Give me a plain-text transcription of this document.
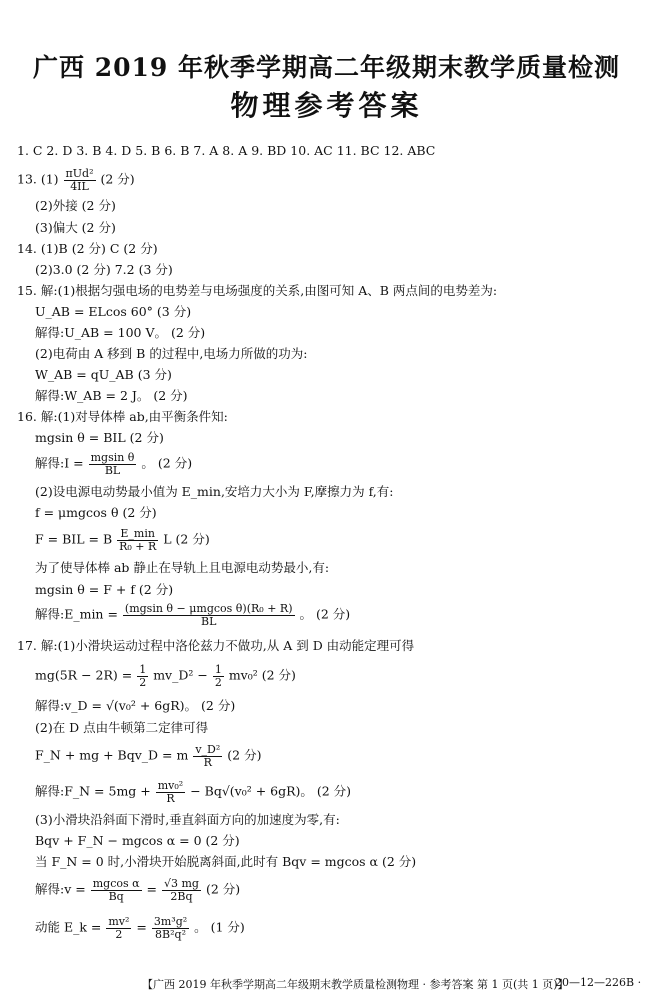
广西 2019 年秋季学期高二年级期末教学质量检测
物理参考答案
1. C 2. D 3. B 4. D 5. B 6. B 7. A 8. A 9. BD 10. AC 11. BC 12. ABC
13. $(1) \frac{\text{πUd²}}{4IL} (2$ 分)
(2)外接 (2 分)
(3)偏大 (2 分)
14. (1)B (2 分) C (2 分)
(2)3.0 (2 分) 7.2 (3 分)
15. 解:(1)根据匀强电场的电势差与电场强度的关系,由图可知 A、B 两点间的电势差为:
U_AB = ELcos 60° (3 分)
解得:U_AB = 100 V。 (2 分)
(2)电荷由 A 移到 B 的过程中,电场力所做的功为:
W_AB = qU_AB (3 分)
解得:W_AB = 2 J。 (2 分)
16. 解:(1)对导体棒 ab,由平衡条件知:
mgsin θ = BIL (2 分)
解得:I = $\frac{\text{mgsin θ}}{BL}$ 。 (2 分)
(2)设电源电动势最小值为 E_min,安培力大小为 F,摩擦力为 f,有:
f = μmgcos θ (2 分)
F = BIL = B $\frac{E\_\min}{\text{R₀ + R}}$ L (2 分)
为了使导体棒 ab 静止在导轨上且电源电动势最小,有:
mgsin θ = F + f (2 分)
解得:E_min = $\frac{\text{(mgsin θ − μmgcos θ)(R₀ + R)}}{BL}$ 。 (2 分)
17. 解:(1)小滑块运动过程中洛伦兹力不做功,从 A 到 D 由动能定理可得
$mg(5R - 2R) = \frac{1}{2}$ mv_D² − $\frac{1}{2} mv_0^2$ (2 分)
解得:v_D = √(v₀² + 6gR)。 (2 分)
(2)在 D 点由牛顿第二定律可得
F_N + mg + Bqv_D = m $\frac{\text{v\_D²}}{R} (2$ 分)
解得:F_N = $5mg + \frac{\text{mv₀²}}{R} - Bq√(v_0^2 + 6gR)$。 (2 分)
(3)小滑块沿斜面下滑时,垂直斜面方向的加速度为零,有:
Bqv + F_N − mgcos α = 0 (2 分)
当 F_N = 0 时,小滑块开始脱离斜面,此时有 Bqv = mgcos α (2 分)
解得:v = $\frac{\text{mgcos α}}{Bq} = \frac{√3 mg}{2Bq} (2$ 分)
动能 E_k = $\frac{\text{mv²}}{2} = \frac{\text{3m³g²}}{\text{8B²q²}}$ 。 (1 分)
【广西 2019 年秋季学期高二年级期末教学质量检测物理 · 参考答案 第 1 页(共 1 页)】
· 20—12—226B ·
